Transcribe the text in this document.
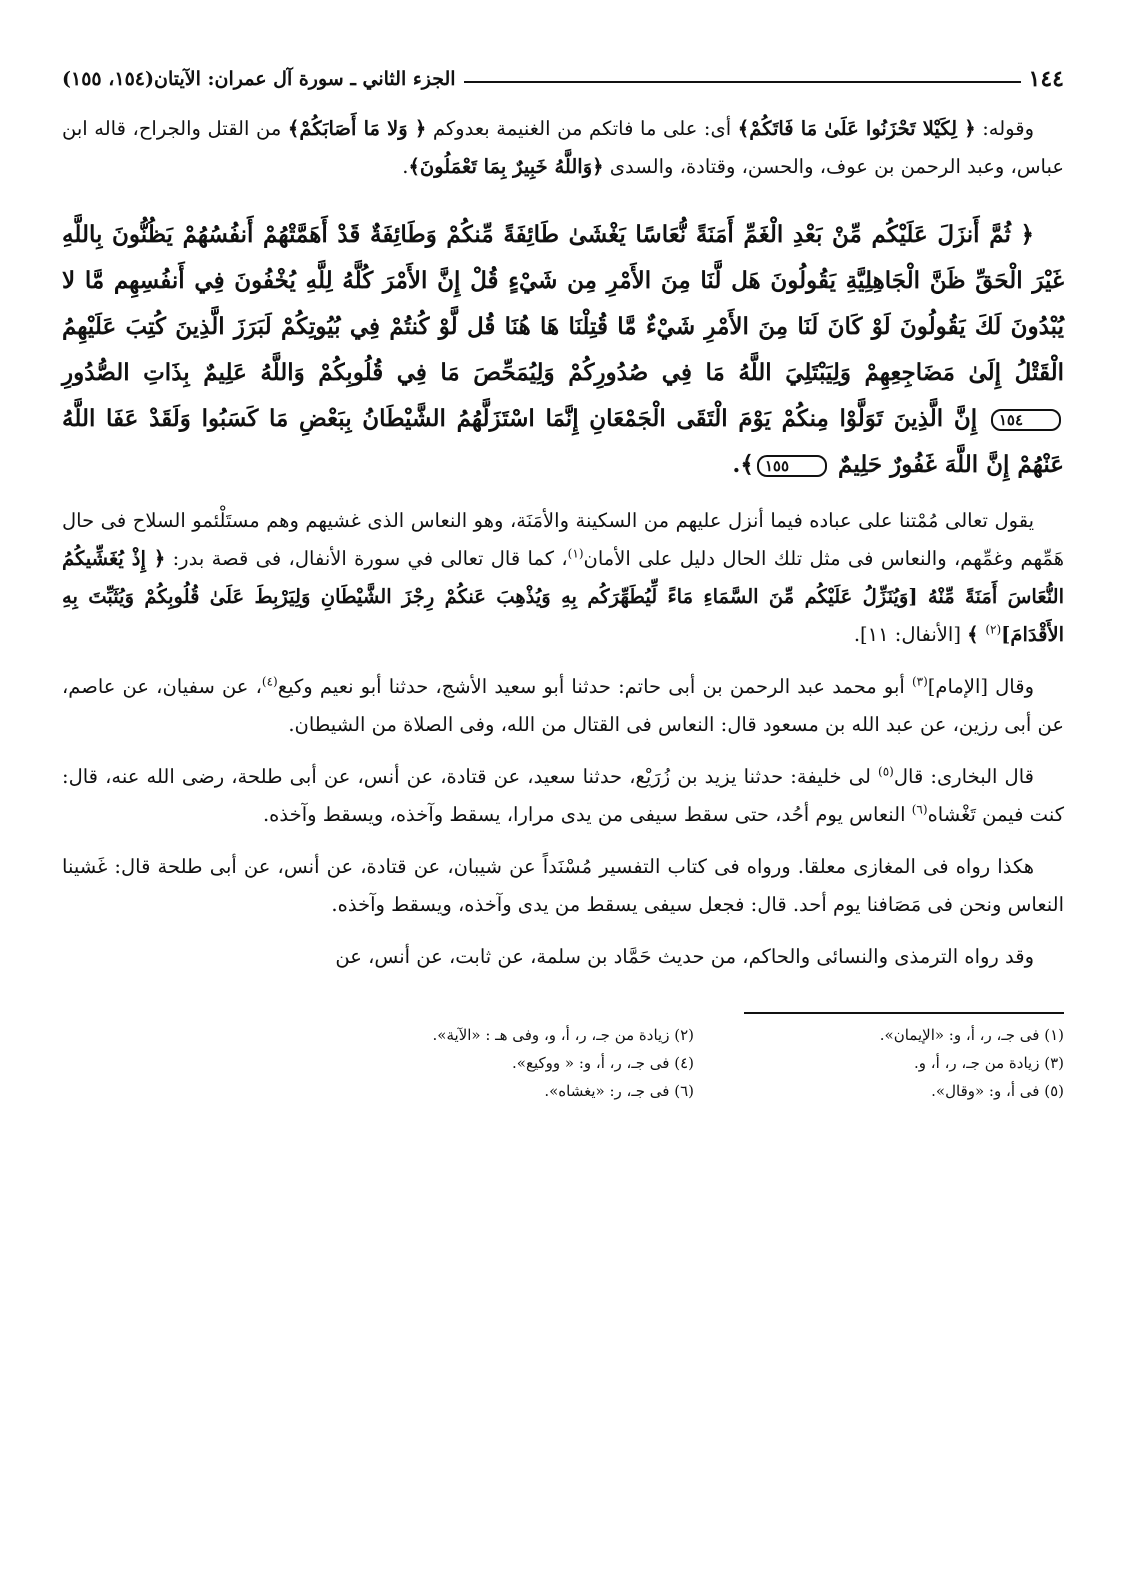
١٤٤
الجزء الثاني ـ سورة آل عمران: الآيتان(١٥٤، ١٥٥)

وقوله: ﴿ لِكَيْلا تَحْزَنُوا عَلَىٰ مَا فَاتَكُمْ﴾ أى: على ما فاتكم من الغنيمة بعدوكم ﴿ وَلا مَا أَصَابَكُمْ﴾ من القتل والجراح، قاله ابن عباس، وعبد الرحمن بن عوف، والحسن، وقتادة، والسدى ﴿وَاللَّهُ خَبِيرٌ بِمَا تَعْمَلُونَ﴾.

﴿ ثُمَّ أَنزَلَ عَلَيْكُم مِّنْ بَعْدِ الْغَمِّ أَمَنَةً نُّعَاسًا يَغْشَىٰ طَائِفَةً مِّنكُمْ وَطَائِفَةٌ قَدْ أَهَمَّتْهُمْ أَنفُسُهُمْ يَظُنُّونَ بِاللَّهِ غَيْرَ الْحَقِّ ظَنَّ الْجَاهِلِيَّةِ يَقُولُونَ هَل لَّنَا مِنَ الأَمْرِ مِن شَيْءٍ قُلْ إِنَّ الأَمْرَ كُلَّهُ لِلَّهِ يُخْفُونَ فِي أَنفُسِهِم مَّا لا يُبْدُونَ لَكَ يَقُولُونَ لَوْ كَانَ لَنَا مِنَ الأَمْرِ شَيْءٌ مَّا قُتِلْنَا هَا هُنَا قُل لَّوْ كُنتُمْ فِي بُيُوتِكُمْ لَبَرَزَ الَّذِينَ كُتِبَ عَلَيْهِمُ الْقَتْلُ إِلَىٰ مَضَاجِعِهِمْ وَلِيَبْتَلِيَ اللَّهُ مَا فِي صُدُورِكُمْ وَلِيُمَحِّصَ مَا فِي قُلُوبِكُمْ وَاللَّهُ عَلِيمٌ بِذَاتِ الصُّدُورِ ١٥٤ إِنَّ الَّذِينَ تَوَلَّوْا مِنكُمْ يَوْمَ الْتَقَى الْجَمْعَانِ إِنَّمَا اسْتَزَلَّهُمُ الشَّيْطَانُ بِبَعْضِ مَا كَسَبُوا وَلَقَدْ عَفَا اللَّهُ عَنْهُمْ إِنَّ اللَّهَ غَفُورٌ حَلِيمٌ ١٥٥﴾.

يقول تعالى مُمْتنا على عباده فيما أنزل عليهم من السكينة والأمَنَة، وهو النعاس الذى غشيهم وهم مستَلْئمو السلاح فى حال هَمِّهم وغمِّهم، والنعاس فى مثل تلك الحال دليل على الأمان$^{(١)}$، كما قال تعالى في سورة الأنفال، فى قصة بدر: ﴿ إِذْ يُغَشِّيكُمُ النُّعَاسَ أَمَنَةً مِّنْهُ [وَيُنَزِّلُ عَلَيْكُم مِّنَ السَّمَاءِ مَاءً لِّيُطَهِّرَكُم بِهِ وَيُذْهِبَ عَنكُمْ رِجْزَ الشَّيْطَانِ وَلِيَرْبِطَ عَلَىٰ قُلُوبِكُمْ وَيُثَبِّتَ بِهِ الأَقْدَامَ]$^{(٢)}$ ﴾ [الأنفال: ١١].

وقال [الإمام]$^{(٣)}$ أبو محمد عبد الرحمن بن أبى حاتم: حدثنا أبو سعيد الأشج، حدثنا أبو نعيم وكيع$^{(٤)}$، عن سفيان، عن عاصم، عن أبى رزين، عن عبد الله بن مسعود قال: النعاس فى القتال من الله، وفى الصلاة من الشيطان.

قال البخارى: قال$^{(٥)}$ لى خليفة: حدثنا يزيد بن زُرَيْع، حدثنا سعيد، عن قتادة، عن أنس، عن أبى طلحة، رضى الله عنه، قال: كنت فيمن تَغْشاه$^{(٦)}$ النعاس يوم أحُد، حتى سقط سيفى من يدى مرارا، يسقط وآخذه، ويسقط وآخذه.

هكذا رواه فى المغازى معلقا. ورواه فى كتاب التفسير مُسْنَداً عن شيبان، عن قتادة، عن أنس، عن أبى طلحة قال: غَشينا النعاس ونحن فى مَصَافنا يوم أحد. قال: فجعل سيفى يسقط من يدى وآخذه، ويسقط وآخذه.

وقد رواه الترمذى والنسائى والحاكم، من حديث حَمَّاد بن سلمة، عن ثابت، عن أنس، عن

(١) فى جـ، ر، أ، و: «الإيمان».
(٢) زيادة من جـ، ر، أ، و، وفى هـ : «الآية».
(٣) زيادة من جـ، ر، أ، و.
(٤) فى جـ، ر، أ، و: « ووكيع».
(٥) فى أ، و: «وقال».
(٦) فى جـ، ر: «يغشاه».
